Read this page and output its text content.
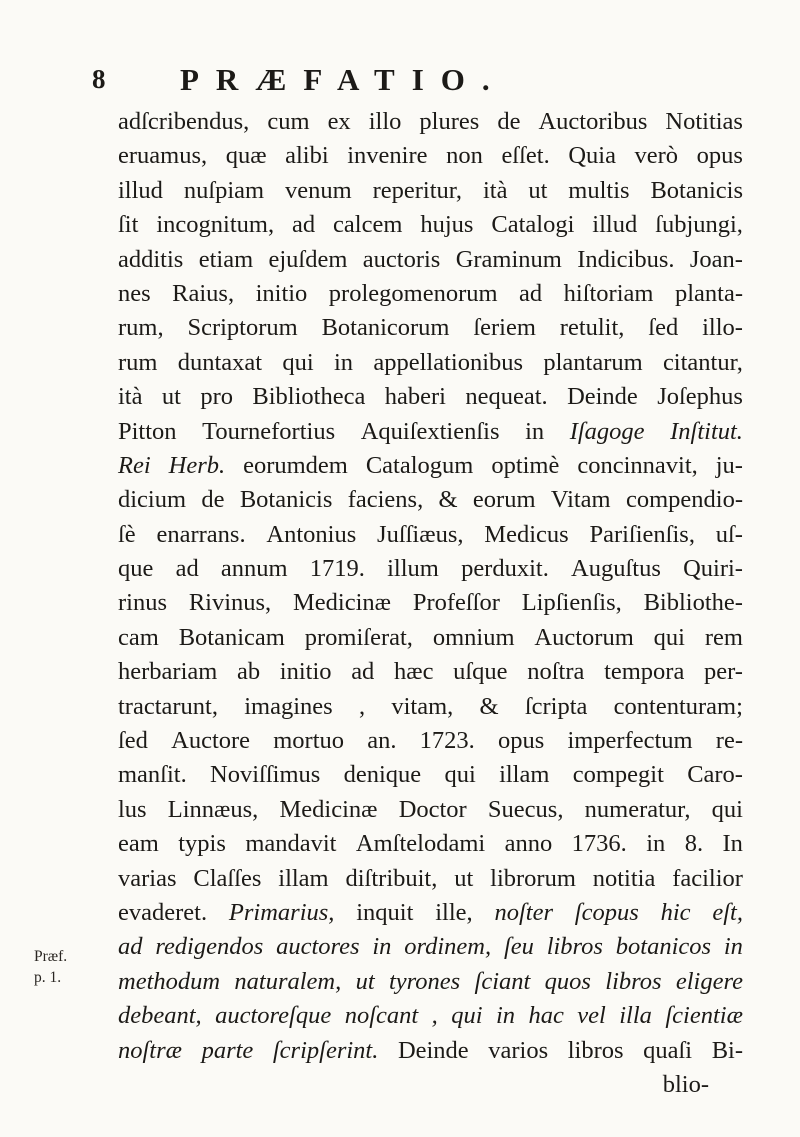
8 PRÆFATIO.
Præf.
p. 1.
adſcribendus, cum ex illo plures de Auctoribus Notitias
eruamus, quæ alibi invenire non eſſet. Quia verò opus
illud nuſpiam venum reperitur, ità ut multis Botanicis
ſit incognitum, ad calcem hujus Catalogi illud ſubjungi,
additis etiam ejuſdem auctoris Graminum Indicibus. Joan-
nes Raius, initio prolegomenorum ad hiſtoriam planta-
rum, Scriptorum Botanicorum ſeriem retulit, ſed illo-
rum duntaxat qui in appellationibus plantarum citantur,
ità ut pro Bibliotheca haberi nequeat. Deinde Joſephus
Pitton Tournefortius Aquiſextienſis in Iſagoge Inſtitut.
Rei Herb. eorumdem Catalogum optimè concinnavit, ju-
dicium de Botanicis faciens, & eorum Vitam compendio-
ſè enarrans. Antonius Juſſiæus, Medicus Pariſienſis, uſ-
que ad annum 1719. illum perduxit. Auguſtus Quiri-
rinus Rivinus, Medicinæ Profeſſor Lipſienſis, Bibliothe-
cam Botanicam promiſerat, omnium Auctorum qui rem
herbariam ab initio ad hæc uſque noſtra tempora per-
tractarunt, imagines , vitam, & ſcripta contenturam;
ſed Auctore mortuo an. 1723. opus imperfectum re-
manſit. Noviſſimus denique qui illam compegit Caro-
lus Linnæus, Medicinæ Doctor Suecus, numeratur, qui
eam typis mandavit Amſtelodami anno 1736. in 8. In
varias Claſſes illam diſtribuit, ut librorum notitia facilior
evaderet. Primarius, inquit ille, noſter ſcopus hic eſt,
ad redigendos auctores in ordinem, ſeu libros botanicos in
methodum naturalem, ut tyrones ſciant quos libros eligere
debeant, auctoreſque noſcant , qui in hac vel illa ſcientiæ
noſtræ parte ſcripſerint. Deinde varios libros quaſi Bi-
blio-
